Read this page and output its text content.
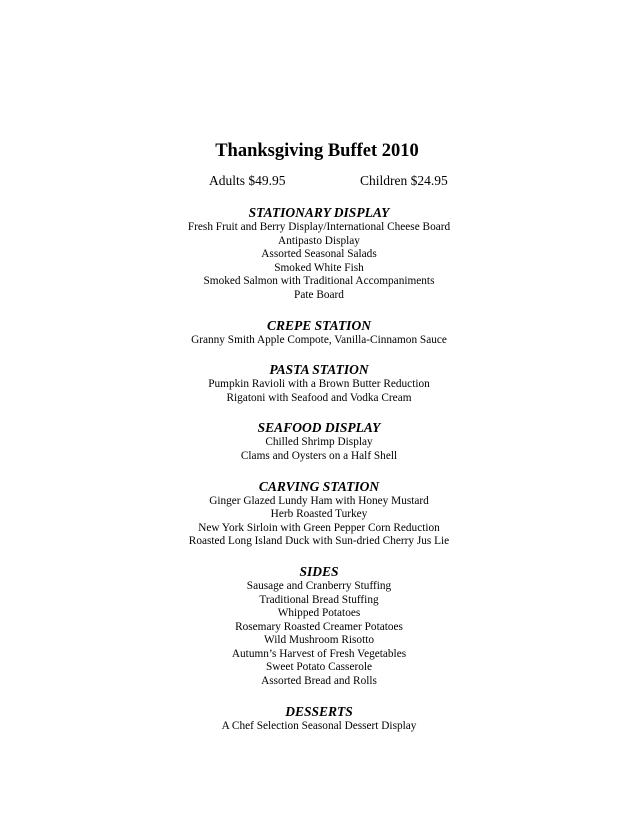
Thanksgiving Buffet 2010
Adults $49.95	Children $24.95
STATIONARY DISPLAY
Fresh Fruit and Berry Display/International Cheese Board
Antipasto Display
Assorted Seasonal Salads
Smoked White Fish
Smoked Salmon with Traditional Accompaniments
Pate Board
CREPE STATION
Granny Smith Apple Compote, Vanilla-Cinnamon Sauce
PASTA STATION
Pumpkin Ravioli with a Brown Butter Reduction
Rigatoni with Seafood and Vodka Cream
SEAFOOD DISPLAY
Chilled Shrimp Display
Clams and Oysters on a Half Shell
CARVING STATION
Ginger Glazed Lundy Ham with Honey Mustard
Herb Roasted Turkey
New York Sirloin with Green Pepper Corn Reduction
Roasted Long Island Duck with Sun-dried Cherry Jus Lie
SIDES
Sausage and Cranberry Stuffing
Traditional Bread Stuffing
Whipped Potatoes
Rosemary Roasted Creamer Potatoes
Wild Mushroom Risotto
Autumn’s Harvest of Fresh Vegetables
Sweet Potato Casserole
Assorted Bread and Rolls
DESSERTS
A Chef Selection Seasonal Dessert Display
